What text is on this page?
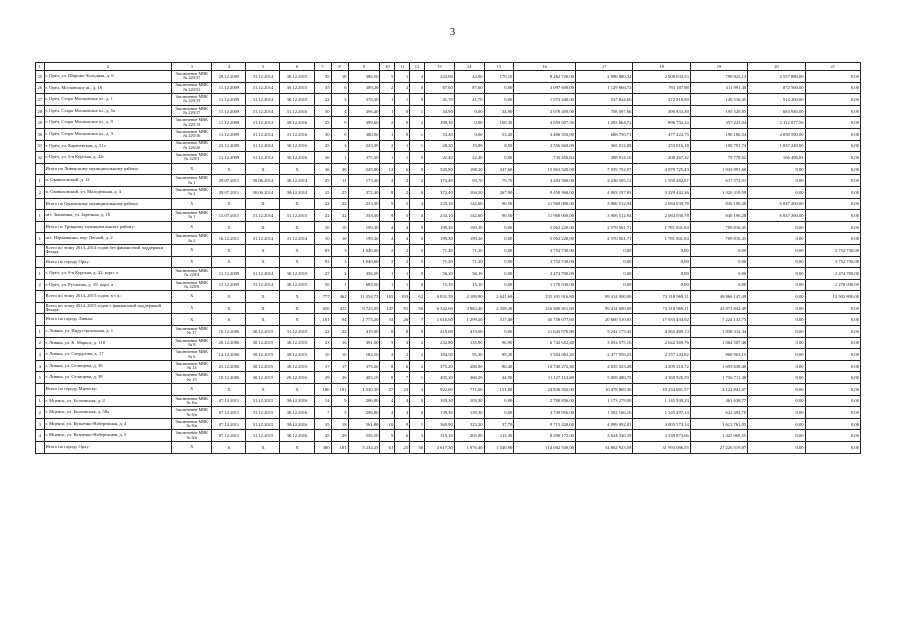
3
1	2	3	4	5	6	7	8	9	10	11	12	13	14	15	16	17	18	19	20	21
25	г. Орёл, ул. Широко-Холодная, д. 6	Заключение МВК № 220/37	29.12.2009	31.12.2014	30.12.2015	35	18	386,50	5	1	4	224,00	44,90	179,10	8 262 720,00	2 896 880,34	2 008 034,53	799 923,13	2 557 880,00	0,00
26	г. Орёл, Московское ш., д. 16	Заключение МВК № 220/31	11.12.2009	31.12.2014	30.12.2015	35	6	389,20	2	2	0	87,60	87,60	0,00	3 097 600,00	1 129 866,72	783 187,88	311 991,40	872 560,00	0,00
27	г. Орёл, Старо-Московское ш., д. 1	Заключение МВК № 220/15	11.12.2009	31.12.2014	30.12.2015	22	3	378,30	1	1	0	41,70	41,70	0,00	1 573 440,00	537 844,66	372 818,89	148 516,45	514 260,00	0,00
28	г. Орёл, Старо-Московское ш., д. 5а	Заключение МВК № 220/17	11.12.2009	31.12.2014	31.12.2016	30	4	396,40	1	0	1	34,90	0,00	34,90	2 078 400,00	708 097,66	490 833,49	195 528,85	683 940,00	0,00
29	г. Орёл, Старо-Московское ш., д. 9	Заключение МВК № 220/19	11.12.2009	31.12.2014	30.12.2016	25	9	399,60	2	0	2	100,30	0,00	100,30	4 659 697,56	1 293 664,72	896 732,24	357 223,04	2 112 077,56	0,00
30	г. Орёл, Старо-Московское ш., д. 3	Заключение МВК № 220/16	11.12.2009	31.12.2014	31.12.2016	30	6	380,90	1	0	1	53,40	0,00	53,40	3 406 950,00	688 750,71	477 422,75	190 186,54	2 050 590,00	0,00
31	г. Орёл, ул. Карачевская, д. 51а	Заключение МВК № 226/26	23.12.2009	31.12.2014	30.12.2016	25	4	243,30	2	1	1	28,30	19,80	8,50	2 556 660,00	365 012,08	253 016,18	100 791,74	1 837 240,00	0,00
32	г. Орёл, ул. 6-я Курская, д. 42г	Заключение МВК № 220/3	11.12.2009	31.12.2014	30.12.2016	26	1	375,30	1	1	0	22,40	22,40	0,00	735 456,84	288 914,16	200 267,22	79 778,62	166 496,84	0,00
	Итого по Ливенскому муниципальному району:	Х	Х	Х	Х	36	36	545,80	12	6	6	545,80	198,20	347,60	15 863 320,00	7 039 702,97	4 879 725,43	1 943 891,60	0,00	0,00
1	п. Свиваловский, д. 12	Заключение МВК № 1	29.07.2011	30.06.2014	30.12.2014	25	11	173,40	4	2	2	173,40	93,70	79,70	4 404 360,00	2 236 505,12	1 550 282,87	617 572,01	0,00	0,00
2	п. Свиваловский, ул. Молодёжная, д. 4	Заключение МВК № 2	29.07.2011	30.06.2014	30.12.2014	25	25	372,40	8	2	6	372,40	104,50	267,90	9 458 960,00	4 803 197,83	3 329 442,36	1 326 319,59	0,00	0,00
	Итого по Орловскому муниципальному району:	Х	Х	Х	Х	22	22	233,30	9	5	4	233,10	142,60	90,50	11 968 000,00	3 006 512,94	2 084 030,78	830 196,28	6 047 260,00	0,00
1	пгт. Знаменка, ул. Заречная, д. 19	Заключение МВК № 1	15.07.2011	31.12.2014	31.12.2015	22	22	233,30	9	5	4	233,10	142,60	90,50	11 968 000,00	3 006 512,94	2 084 030,78	830 196,28	6 047 260,00	0,00
	Итого по Урицкому муниципальному району:	Х	Х	Х	Х	10	10	199,30	4	4	0	199,30	199,30	0,00	5 062 220,00	2 570 561,71	1 781 841,84	709 816,45	0,00	0,00
1	пгт. Нарышкино, пер. Лесной, д. 2	Заключение МВК № 2	16.12.2011	31.12.2014	31.12.2014	10	10	199,30	4	4	0	199,30	199,30	0,00	5 062 220,00	2 570 561,71	1 781 841,84	709 816,45	0,00	0,00
	Всего по этапу 2013–2014 годов без финансовой поддержки Фонда:	Х	Х	Х	Х	83	3	1 040,00	2	2	0	71,20	71,20	0,00	3 752 730,00	0,00	0,00	0,00	0,00	3 752 730,00
	Итого по городу Орлу:	Х	Х	Х	Х	83	3	1 040,00	2	2	0	71,20	71,20	0,00	3 752 730,00	0,00	0,00	0,00	0,00	3 752 730,00
1	г. Орёл, ул. 6-я Курская, д. 42, корп. а	Заключение МВК № 220/4	11.12.2009	31.12.2014	30.12.2015	27	2	356,50	1	1	0	56,10	56,10	0,00	2 474 700,00	0,00	0,00	0,00	0,00	2 474 700,00
2	г. Орёл, ул. Русанова, д. 19, корп. а	Заключение МВК № 220/8	11.12.2009	31.12.2014	30.12.2015	56	1	683,50	1	1	0	15,10	15,10	0,00	1 278 030,00	0,00	0,00	0,00	0,00	1 278 030,00
	Всего по этапу 2014–2015 годов, в т.ч.:	Х	Х	Х	Х	777	462	11 254,75	165	103	62	6 831,59	4 189,90	2 641,69	235 101 916,80	99 414 000,00	73 318 969,11	49 866 147,49	0,00	12 502 800,00
	Всего по этапу 2014–2015 годов с финансовой поддержкой Фонда:	Х	Х	Х	Х	656	412	9 723,95	147	91	56	6 342,60	3 983,40	2 359,20	216 606 811,60	99 414 000,00	73 318 969,11	43 873 842,49	0,00	0,00
	Итого по городу Ливны:	Х	Х	Х	Х	101	94	1 775,20	33	26	7	1 616,60	1 299,20	317,40	45 758 077,60	20 600 510,83	17 933 434,02	7 224 132,75	0,00	0,00
1	г. Ливны, ул. Индустриальная, д. 1	Заключение МВК № 17	10.12.2006	30.12.2015	31.12.2015	22	22	419,00	8	8	0	419,00	419,00	0,00	11 643 976,89	5 242 175,43	4 563 489,13	1 838 312,34	0,00	0,00
2	г. Ливны, ул. К. Маркса, д. 110	Заключение МВК № 8	20.12.2006	30.12.2015	30.12.2015	23	16	391,50	5	3	2	232,80	135,90	96,90	6 742 652,40	3 053 575,16	2 642 569,76	1 064 507,48	0,00	0,00
3	г. Ливны, ул. Свердлова, д. 17	Заключение МВК № 6	14.12.2006	30.12.2015	30.12.2015	10	10	184,50	4	2	2	184,50	95,30	89,20	5 504 063,20	2 477 956,23	2 157 143,82	868 963,15	0,00	0,00
4	г. Ливны, ул. Селищева, д. 36	Заключение МВК № 14	21.12.2006	30.12.2015	30.12.2015	17	17	375,20	8	6	2	375,20	288,80	86,40	10 740 272,40	4 835 323,28	4 209 310,72	1 695 638,40	0,00	0,00
5	г. Ливны, ул. Селищева, д. 38	Заключение МВК № 15	10.12.2006	30.12.2015	29.12.2016	29	29	405,10	8	7	1	405,10	360,20	44,90	11 127 112,80	5 009 480,75	4 360 920,59	1 756 711,48	0,00	0,00
	Итого по городу Мценску:	Х	Х	Х	Х	180	181	1 530,30	27	23	4	922,60	771,60	151,00	24 836 392,00	10 478 869,36	10 234 681,57	4 122 841,07	0,00	0,00
1	г. Мценск, ул. Болховская, д. 2	Заключение МВК № 6/а	07.12.2011	31.12.2015	30.12.2016	14	9	206,00	4	4	0	103,30	103,30	0,00	2 780 856,00	1 173 279,00	1 145 938,23	461 638,77	0,00	0,00
2	г. Мценск, ул. Болховская, д. 58а	Заключение МВК № 6/в	07.12.2011	31.12.2015	30.12.2016	7	5	206,80	4	4	0	139,30	139,30	0,00	3 749 956,00	1 582 166,16	1 545 297,14	622 492,70	0,00	0,00
3	г. Мценск, ул. Кузнечно-Набережная, д. 4	Заключение МВК № 6/в	07.12.2011	31.12.2015	30.12.2016	35	18	561,80	10	9	1	360,90	323,20	37,70	9 715 428,00	4 099 092,81	4 003 573,14	1 612 761,05	0,00	0,00
4	г. Мценск, ул. Кузнечно-Набережная, д. 5	Заключение МВК № 6/в	07.12.2011	31.12.2015	30.12.2016	45	29	556,50	9	6	3	319,10	205,80	113,30	8 590 172,00	3 624 330,39	3 539 873,06	1 425 968,55	0,00	0,00
	Итого по городу Орлу:	Х	Х	Х	Х	380	181	5 232,25	61	25	36	2 617,30	1 076,40	1 540,90	114 082 530,00	54 862 923,58	31 993 086,55	27 226 519,87	0,00	0,00
